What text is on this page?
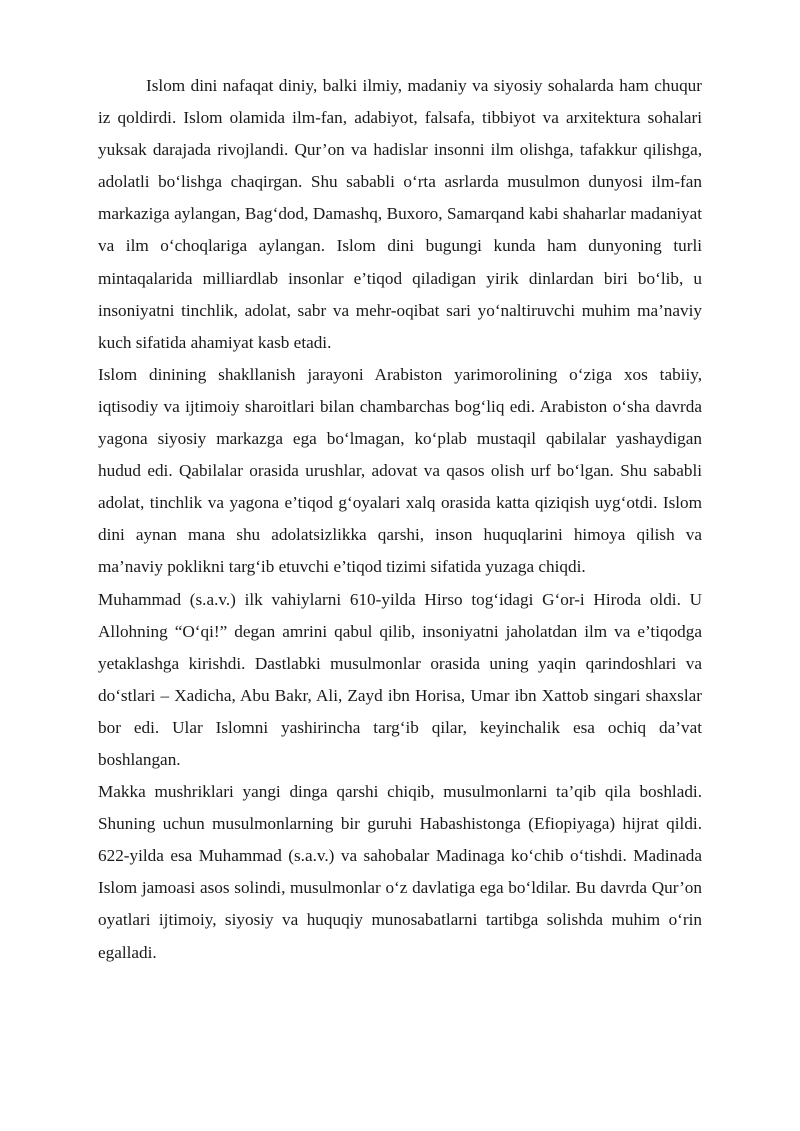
Islom dini nafaqat diniy, balki ilmiy, madaniy va siyosiy sohalarda ham chuqur iz qoldirdi. Islom olamida ilm-fan, adabiyot, falsafa, tibbiyot va arxitektura sohalari yuksak darajada rivojlandi. Qur’on va hadislar insonni ilm olishga, tafakkur qilishga, adolatli bo‘lishga chaqirgan. Shu sababli o‘rta asrlarda musulmon dunyosi ilm-fan markaziga aylangan, Bag‘dod, Damashq, Buxoro, Samarqand kabi shaharlar madaniyat va ilm o‘choqlariga aylangan. Islom dini bugungi kunda ham dunyoning turli mintaqalarida milliardlab insonlar e’tiqod qiladigan yirik dinlardan biri bo‘lib, u insoniyatni tinchlik, adolat, sabr va mehr-oqibat sari yo‘naltiruvchi muhim ma’naviy kuch sifatida ahamiyat kasb etadi.

Islom dinining shakllanish jarayoni Arabiston yarimorolining o‘ziga xos tabiiy, iqtisodiy va ijtimoiy sharoitlari bilan chambarchas bog‘liq edi. Arabiston o‘sha davrda yagona siyosiy markazga ega bo‘lmagan, ko‘plab mustaqil qabilalar yashaydigan hudud edi. Qabilalar orasida urushlar, adovat va qasos olish urf bo‘lgan. Shu sababli adolat, tinchlik va yagona e’tiqod g‘oyalari xalq orasida katta qiziqish uyg‘otdi. Islom dini aynan mana shu adolatsizlikka qarshi, inson huquqlarini himoya qilish va ma’naviy poklikni targ‘ib etuvchi e’tiqod tizimi sifatida yuzaga chiqdi.

Muhammad (s.a.v.) ilk vahiylarni 610-yilda Hirso tog‘idagi G‘or-i Hiroda oldi. U Allohning “O‘qi!” degan amrini qabul qilib, insoniyatni jaholatdan ilm va e’tiqodga yetaklashga kirishdi. Dastlabki musulmonlar orasida uning yaqin qarindoshlari va do‘stlari – Xadicha, Abu Bakr, Ali, Zayd ibn Horisa, Umar ibn Xattob singari shaxslar bor edi. Ular Islomni yashirincha targ‘ib qilar, keyinchalik esa ochiq da’vat boshlangan.

Makka mushriklari yangi dinga qarshi chiqib, musulmonlarni ta’qib qila boshladi. Shuning uchun musulmonlarning bir guruhi Habashistonga (Efiopiyaga) hijrat qildi. 622-yilda esa Muhammad (s.a.v.) va sahobalar Madinaga ko‘chib o‘tishdi. Madinada Islom jamoasi asos solindi, musulmonlar o‘z davlatiga ega bo‘ldilar. Bu davrda Qur’on oyatlari ijtimoiy, siyosiy va huquqiy munosabatlarni tartibga solishda muhim o‘rin egalladi.
